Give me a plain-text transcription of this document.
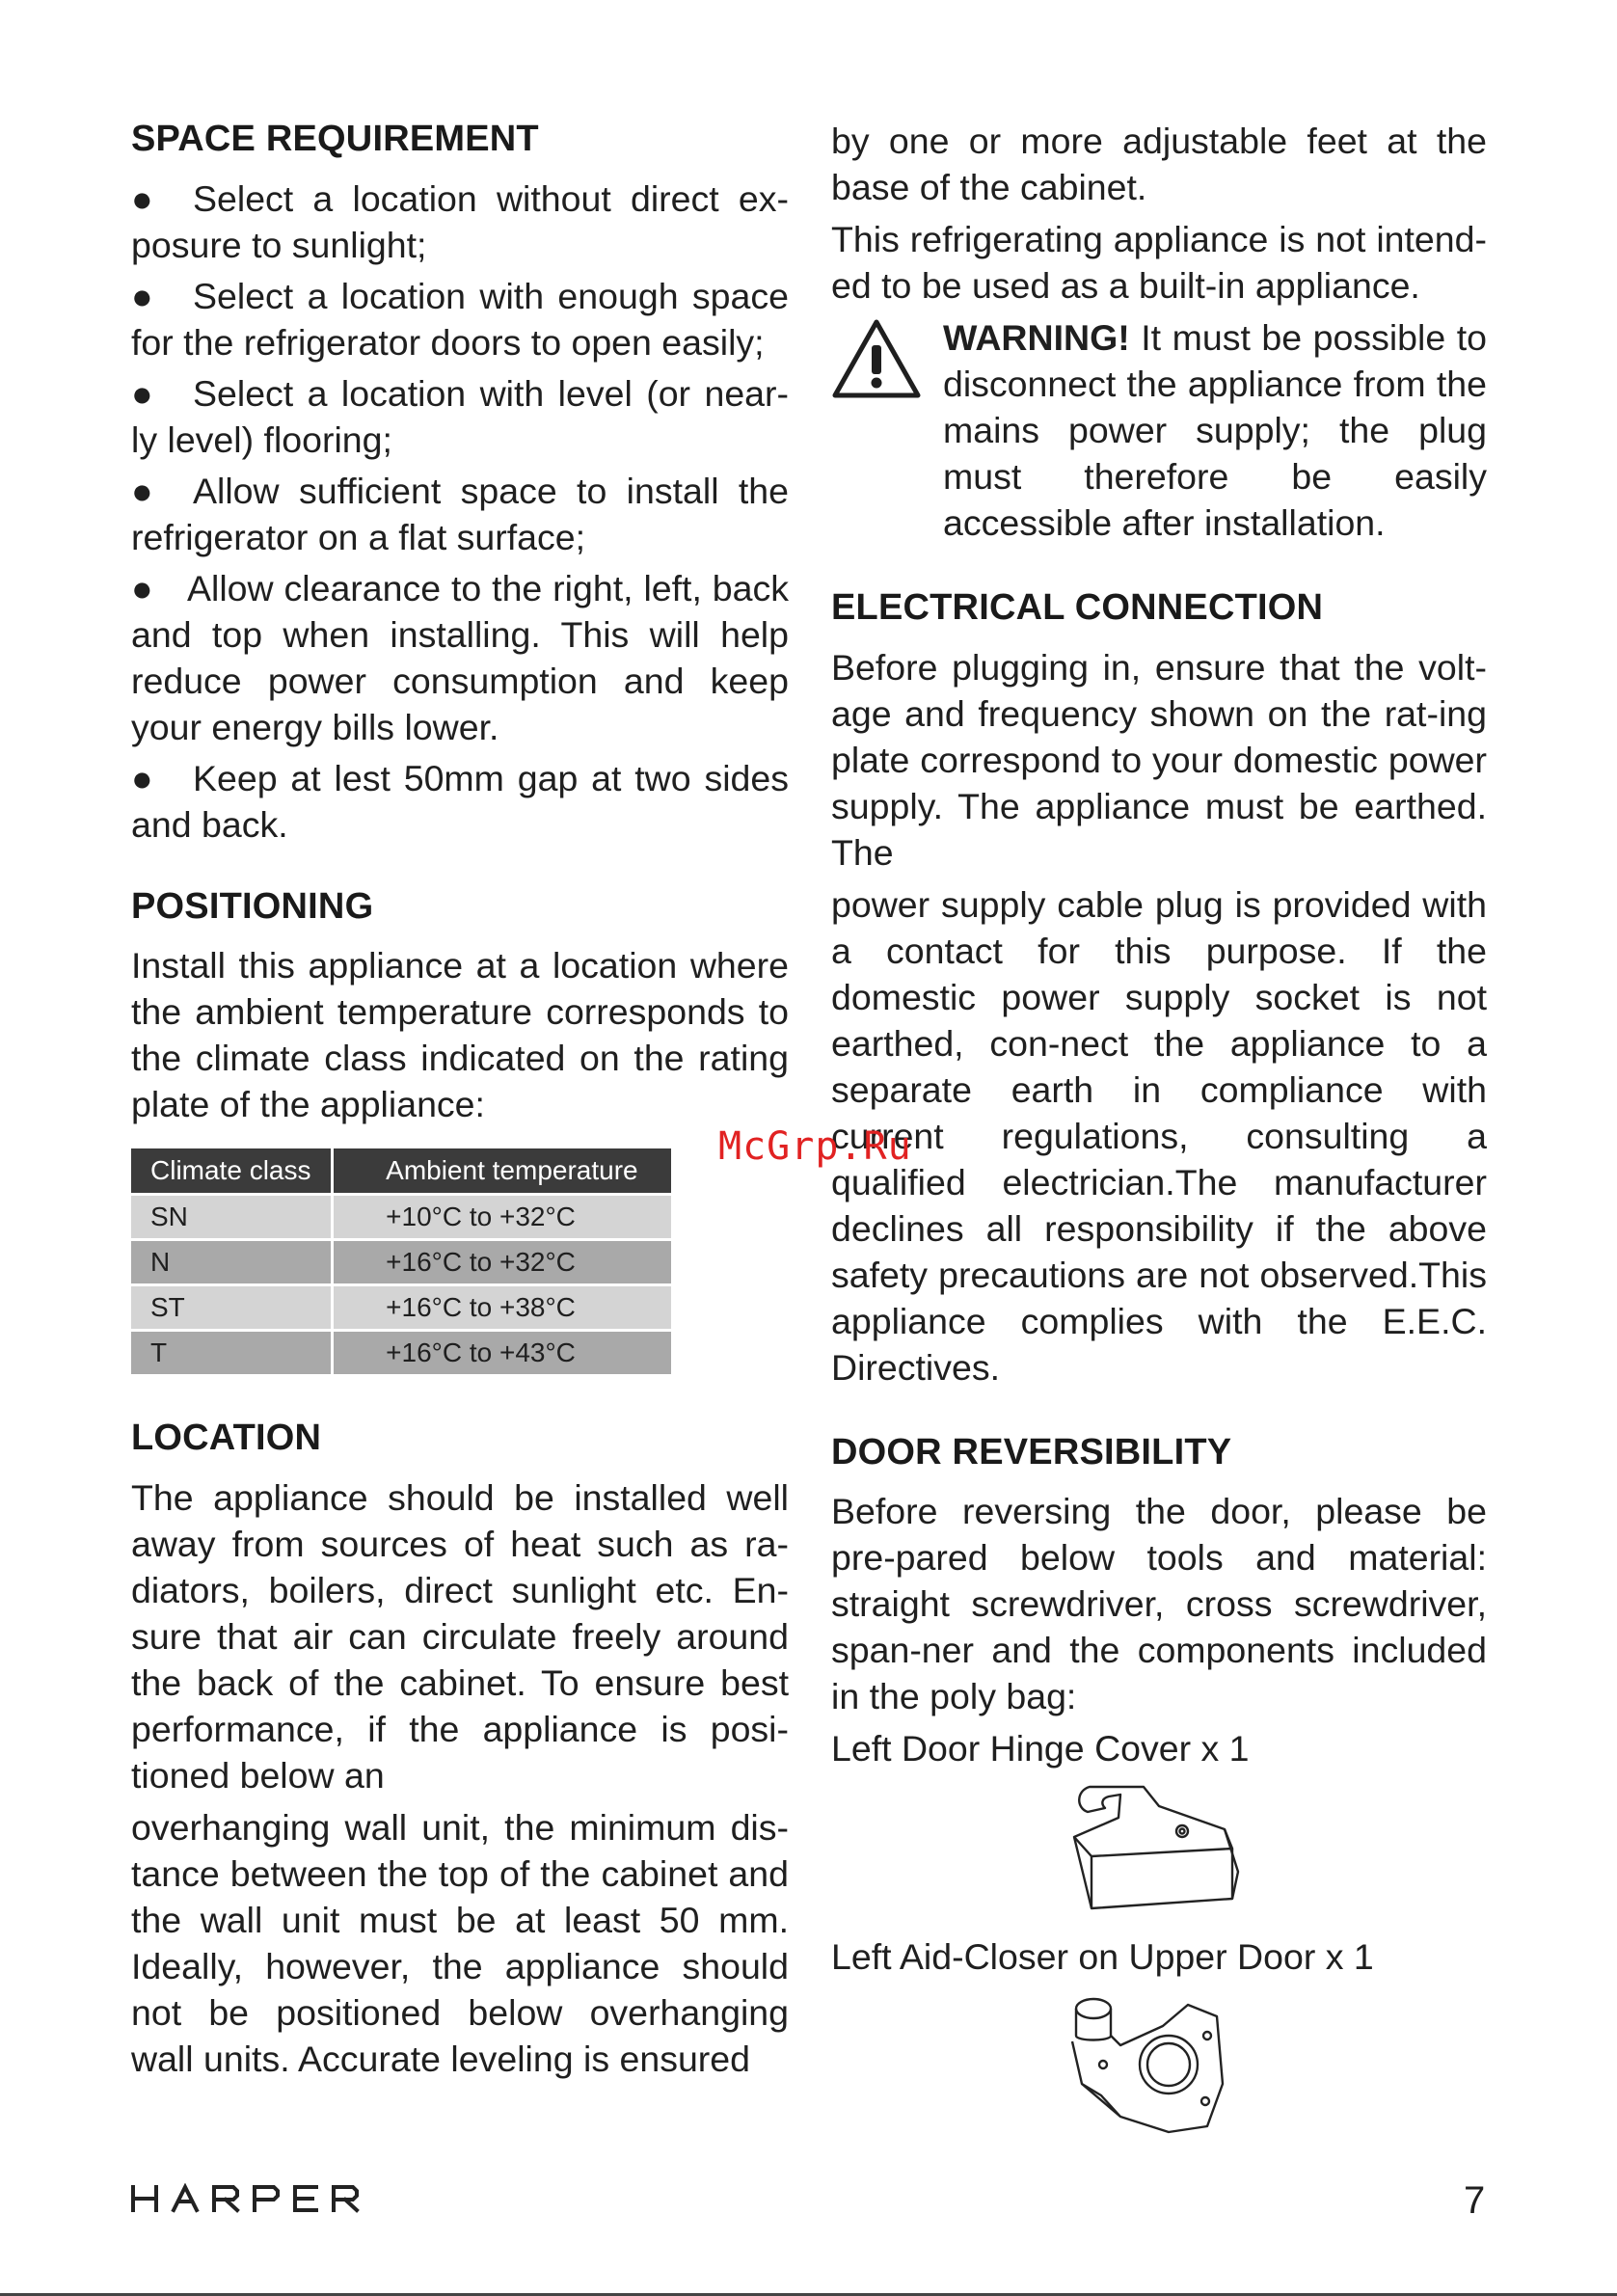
SPACE REQUIREMENT
● Select a location without direct ex-posure to sunlight;
● Select a location with enough space for the refrigerator doors to open easily;
● Select a location with level (or near-ly level) flooring;
● Allow sufficient space to install the refrigerator on a flat surface;
● Allow clearance to the right, left, back and top when installing. This will help reduce power consumption and keep your energy bills lower.
● Keep at lest 50mm gap at two sides and back.
POSITIONING

Install this appliance at a location where the ambient temperature corresponds to the climate class indicated on the rating plate of the appliance:

Climate class	Ambient temperature
SN	+10°C to +32°C
N	+16°C to +32°C
ST	+16°C to +38°C
T	+16°C to +43°C
LOCATION

The appliance should be installed well away from sources of heat such as ra-diators, boilers, direct sunlight etc. En-sure that air can circulate freely around the back of the cabinet. To ensure best performance, if the appliance is posi-tioned below an

overhanging wall unit, the minimum dis-tance between the top of the cabinet and the wall unit must be at least 50 mm. Ideally, however, the appliance should not be positioned below overhanging wall units. Accurate leveling is ensured

by one or more adjustable feet at the base of the cabinet.

This refrigerating appliance is not intend-ed to be used as a built-in appliance.

WARNING! It must be possible to disconnect the appliance from the mains power supply; the plug must therefore be easily accessible after installation.

ELECTRICAL CONNECTION

Before plugging in, ensure that the volt-age and frequency shown on the rat-ing plate correspond to your domestic power supply. The appliance must be earthed. The

power supply cable plug is provided with a contact for this purpose. If the domestic power supply socket is not earthed, con-nect the appliance to a separate earth in compliance with current regulations, consulting a qualified electrician.The manufacturer declines all responsibility if the above safety precautions are not observed.This appliance complies with the E.E.C. Directives.

DOOR REVERSIBILITY

Before reversing the door, please be pre-pared below tools and material: straight screwdriver, cross screwdriver, span-ner and the components included in the poly bag:

Left Door Hinge Cover x 1

Left Aid-Closer on Upper Door x 1

McGrp.Ru
7
